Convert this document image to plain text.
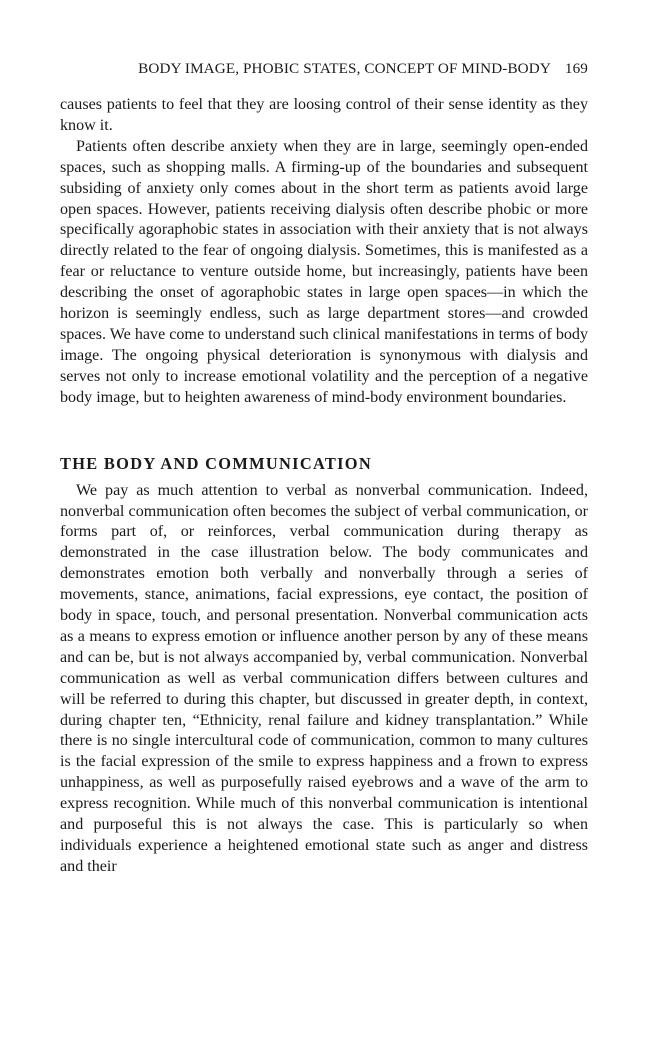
BODY IMAGE, PHOBIC STATES, CONCEPT OF MIND-BODY 169

causes patients to feel that they are loosing control of their sense identity as they know it.

Patients often describe anxiety when they are in large, seemingly open-ended spaces, such as shopping malls. A firming-up of the boundaries and subsequent subsiding of anxiety only comes about in the short term as patients avoid large open spaces. However, patients receiving dialysis often describe phobic or more specifically agoraphobic states in association with their anxiety that is not always directly related to the fear of ongoing dialysis. Sometimes, this is manifested as a fear or reluctance to venture outside home, but increasingly, patients have been describing the onset of agoraphobic states in large open spaces—in which the horizon is seemingly endless, such as large department stores—and crowded spaces. We have come to understand such clinical manifestations in terms of body image. The ongoing physical deterioration is synonymous with dialysis and serves not only to increase emotional volatility and the perception of a negative body image, but to heighten awareness of mind-body environment boundaries.

THE BODY AND COMMUNICATION

We pay as much attention to verbal as nonverbal communication. Indeed, nonverbal communication often becomes the subject of verbal communication, or forms part of, or reinforces, verbal communication during therapy as demonstrated in the case illustration below. The body communicates and demonstrates emotion both verbally and nonverbally through a series of movements, stance, animations, facial expressions, eye contact, the position of body in space, touch, and personal presentation. Nonverbal communication acts as a means to express emotion or influence another person by any of these means and can be, but is not always accompanied by, verbal communication. Nonverbal communication as well as verbal communication differs between cultures and will be referred to during this chapter, but discussed in greater depth, in context, during chapter ten, “Ethnicity, renal failure and kidney transplantation.” While there is no single intercultural code of communication, common to many cultures is the facial expression of the smile to express happiness and a frown to express unhappiness, as well as purposefully raised eyebrows and a wave of the arm to express recognition. While much of this nonverbal communication is intentional and purposeful this is not always the case. This is particularly so when individuals experience a heightened emotional state such as anger and distress and their
